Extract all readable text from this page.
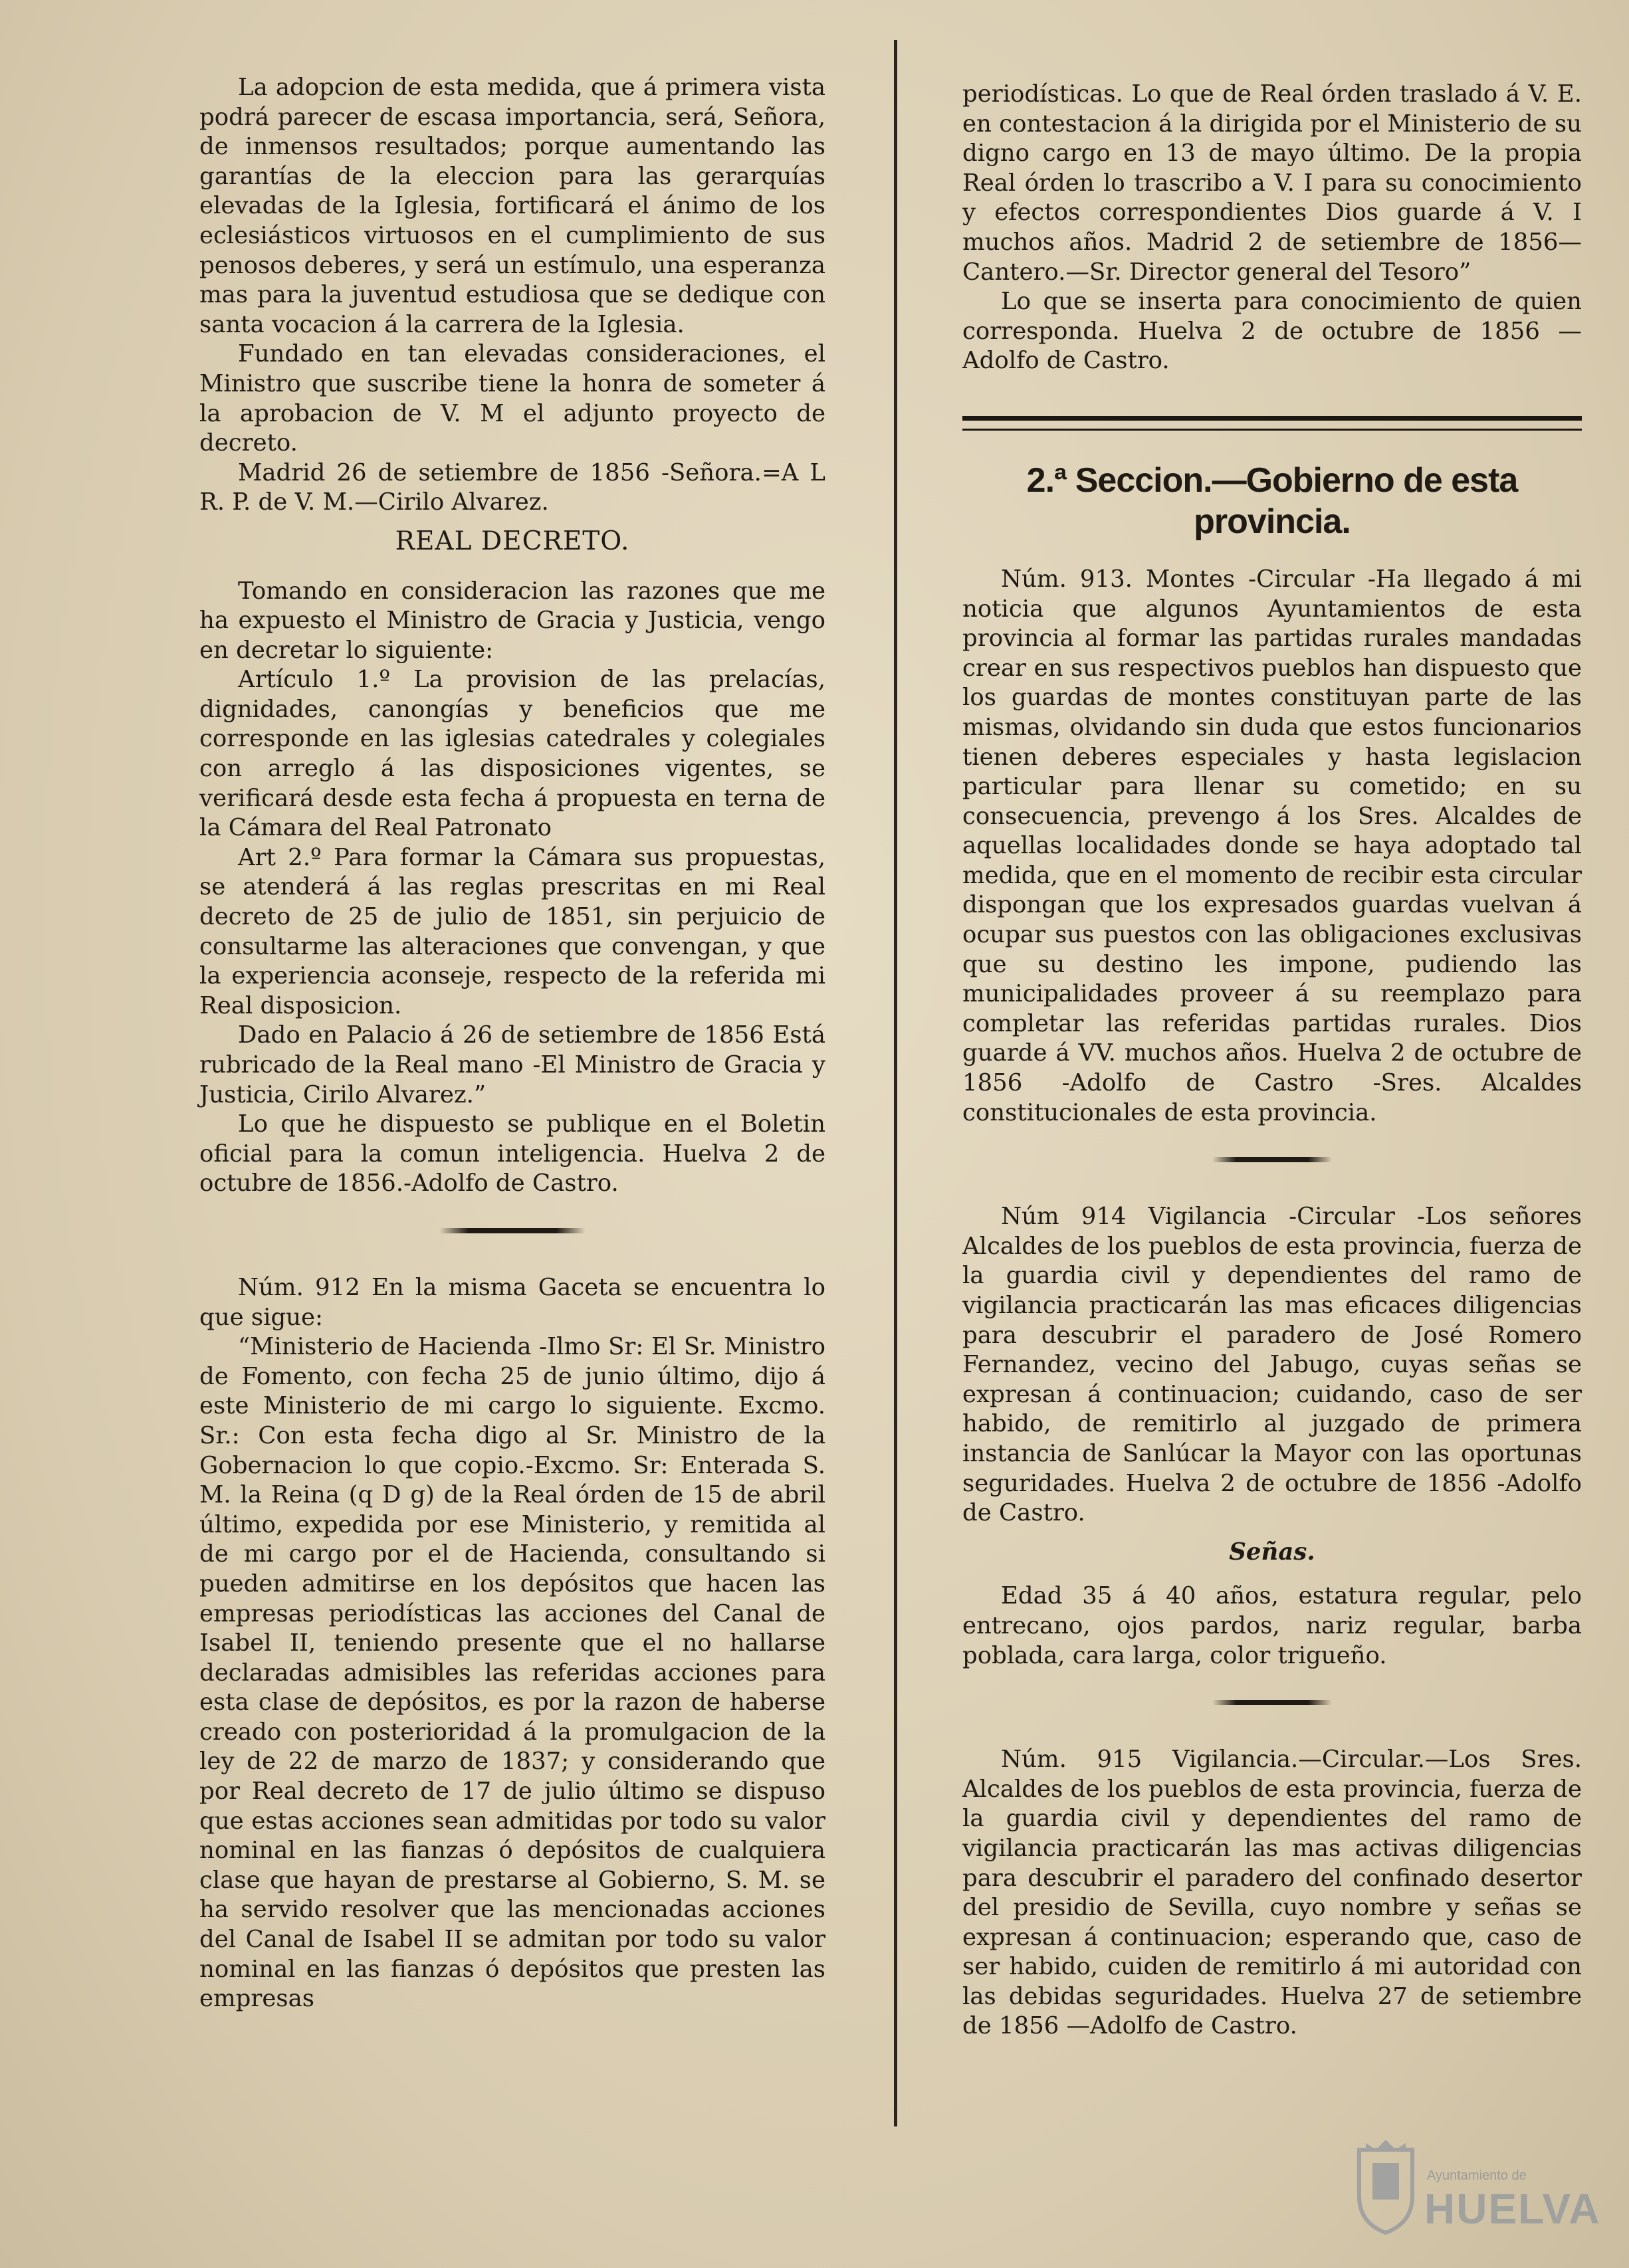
La adopcion de esta medida, que á primera vista podrá parecer de escasa importancia, será, Señora, de inmensos resultados; porque aumentando las garantías de la eleccion para las gerarquías elevadas de la Iglesia, fortificará el ánimo de los eclesiásticos virtuosos en el cumplimiento de sus penosos deberes, y será un estímulo, una esperanza mas para la juventud estudiosa que se dedique con santa vocacion á la carrera de la Iglesia.

Fundado en tan elevadas consideraciones, el Ministro que suscribe tiene la honra de someter á la aprobacion de V. M el adjunto proyecto de decreto.

Madrid 26 de setiembre de 1856 -Señora.=A L R. P. de V. M.—Cirilo Alvarez.

REAL DECRETO.

Tomando en consideracion las razones que me ha expuesto el Ministro de Gracia y Justicia, vengo en decretar lo siguiente:

Artículo 1.º La provision de las prelacías, dignidades, canongías y beneficios que me corresponde en las iglesias catedrales y colegiales con arreglo á las disposiciones vigentes, se verificará desde esta fecha á propuesta en terna de la Cámara del Real Patronato

Art 2.º Para formar la Cámara sus propuestas, se atenderá á las reglas prescritas en mi Real decreto de 25 de julio de 1851, sin perjuicio de consultarme las alteraciones que convengan, y que la experiencia aconseje, respecto de la referida mi Real disposicion.

Dado en Palacio á 26 de setiembre de 1856 Está rubricado de la Real mano -El Ministro de Gracia y Justicia, Cirilo Alvarez.”

Lo que he dispuesto se publique en el Boletin oficial para la comun inteligencia. Huelva 2 de octubre de 1856.-Adolfo de Castro.

Núm. 912 En la misma Gaceta se encuentra lo que sigue:

“Ministerio de Hacienda -Ilmo Sr: El Sr. Ministro de Fomento, con fecha 25 de junio último, dijo á este Ministerio de mi cargo lo siguiente. Excmo. Sr.: Con esta fecha digo al Sr. Ministro de la Gobernacion lo que copio.-Excmo. Sr: Enterada S. M. la Reina (q D g) de la Real órden de 15 de abril último, expedida por ese Ministerio, y remitida al de mi cargo por el de Hacienda, consultando si pueden admitirse en los depósitos que hacen las empresas periodísticas las acciones del Canal de Isabel II, teniendo presente que el no hallarse declaradas admisibles las referidas acciones para esta clase de depósitos, es por la razon de haberse creado con posterioridad á la promulgacion de la ley de 22 de marzo de 1837; y considerando que por Real decreto de 17 de julio último se dispuso que estas acciones sean admitidas por todo su valor nominal en las fianzas ó depósitos de cualquiera clase que hayan de prestarse al Gobierno, S. M. se ha servido resolver que las mencionadas acciones del Canal de Isabel II se admitan por todo su valor nominal en las fianzas ó depósitos que presten las empresas

periodísticas. Lo que de Real órden traslado á V. E. en contestacion á la dirigida por el Ministerio de su digno cargo en 13 de mayo último. De la propia Real órden lo trascribo a V. I para su conocimiento y efectos correspondientes Dios guarde á V. I muchos años. Madrid 2 de setiembre de 1856—Cantero.—Sr. Director general del Tesoro”

Lo que se inserta para conocimiento de quien corresponda. Huelva 2 de octubre de 1856 — Adolfo de Castro.

2.ª Seccion.—Gobierno de esta provincia.

Núm. 913. Montes -Circular -Ha llegado á mi noticia que algunos Ayuntamientos de esta provincia al formar las partidas rurales mandadas crear en sus respectivos pueblos han dispuesto que los guardas de montes constituyan parte de las mismas, olvidando sin duda que estos funcionarios tienen deberes especiales y hasta legislacion particular para llenar su cometido; en su consecuencia, prevengo á los Sres. Alcaldes de aquellas localidades donde se haya adoptado tal medida, que en el momento de recibir esta circular dispongan que los expresados guardas vuelvan á ocupar sus puestos con las obligaciones exclusivas que su destino les impone, pudiendo las municipalidades proveer á su reemplazo para completar las referidas partidas rurales. Dios guarde á VV. muchos años. Huelva 2 de octubre de 1856 -Adolfo de Castro -Sres. Alcaldes constitucionales de esta provincia.

Núm 914 Vigilancia -Circular -Los señores Alcaldes de los pueblos de esta provincia, fuerza de la guardia civil y dependientes del ramo de vigilancia practicarán las mas eficaces diligencias para descubrir el paradero de José Romero Fernandez, vecino del Jabugo, cuyas señas se expresan á continuacion; cuidando, caso de ser habido, de remitirlo al juzgado de primera instancia de Sanlúcar la Mayor con las oportunas seguridades. Huelva 2 de octubre de 1856 -Adolfo de Castro.

Señas.

Edad 35 á 40 años, estatura regular, pelo entrecano, ojos pardos, nariz regular, barba poblada, cara larga, color trigueño.

Núm. 915 Vigilancia.—Circular.—Los Sres. Alcaldes de los pueblos de esta provincia, fuerza de la guardia civil y dependientes del ramo de vigilancia practicarán las mas activas diligencias para descubrir el paradero del confinado desertor del presidio de Sevilla, cuyo nombre y señas se expresan á continuacion; esperando que, caso de ser habido, cuiden de remitirlo á mi autoridad con las debidas seguridades. Huelva 27 de setiembre de 1856 —Adolfo de Castro.

Ayuntamiento de
HUELVA
